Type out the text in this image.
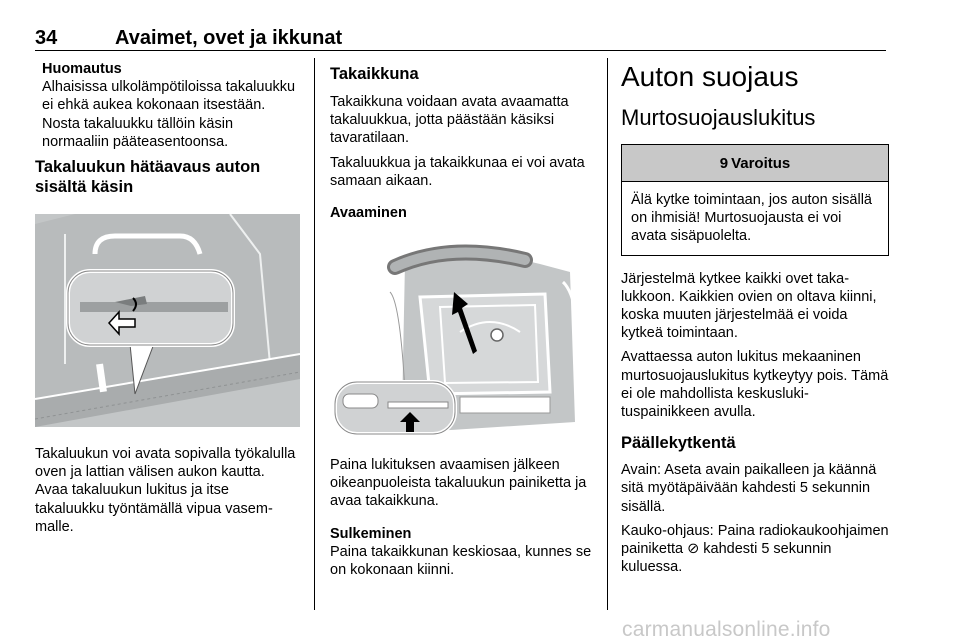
34	Avaimet, ovet ja ikkunat

Huomautus

Alhaisissa ulkolämpötiloissa takaluukku ei ehkä aukea kokonaan itsestään. Nosta takaluukku tällöin käsin normaaliin pääteasentoonsa.

Takaluukun hätäavaus auton sisältä käsin

Takaluukun voi avata sopivalla työkalulla oven ja lattian välisen aukon kautta. Avaa takaluukun lukitus ja itse takaluukku työntämällä vipua vasemmalle.

Takaikkuna

Takaikkuna voidaan avata avaamatta takaluukkua, jotta päästään käsiksi tavaratilaan.

Takaluukkua ja takaikkunaa ei voi avata samaan aikaan.

Avaaminen

Paina lukituksen avaamisen jälkeen oikeanpuoleista takaluukun painiketta ja avaa takaikkuna.

Sulkeminen

Paina takaikkunan keskiosaa, kunnes se on kokonaan kiinni.

Auton suojaus
Murtosuojauslukitus
9 Varoitus
Älä kytke toimintaan, jos auton sisällä on ihmisiä! Murtosuojausta ei voi avata sisäpuolelta.

Järjestelmä kytkee kaikki ovet takalukkoon. Kaikkien ovien on oltava kiinni, koska muuten järjestelmää ei voida kytkeä toimintaan.

Avattaessa auton lukitus mekaaninen murtosuojauslukitus kytkeytyy pois. Tämä ei ole mahdollista keskuslukituspainikkeen avulla.

Päällekytkentä

Avain: Aseta avain paikalleen ja käännä sitä myötäpäivään kahdesti 5 sekunnin sisällä.

Kauko-ohjaus: Paina radiokaukoohjaimen painiketta ⊘ kahdesti 5 sekunnin kuluessa.

carmanualsonline.info
